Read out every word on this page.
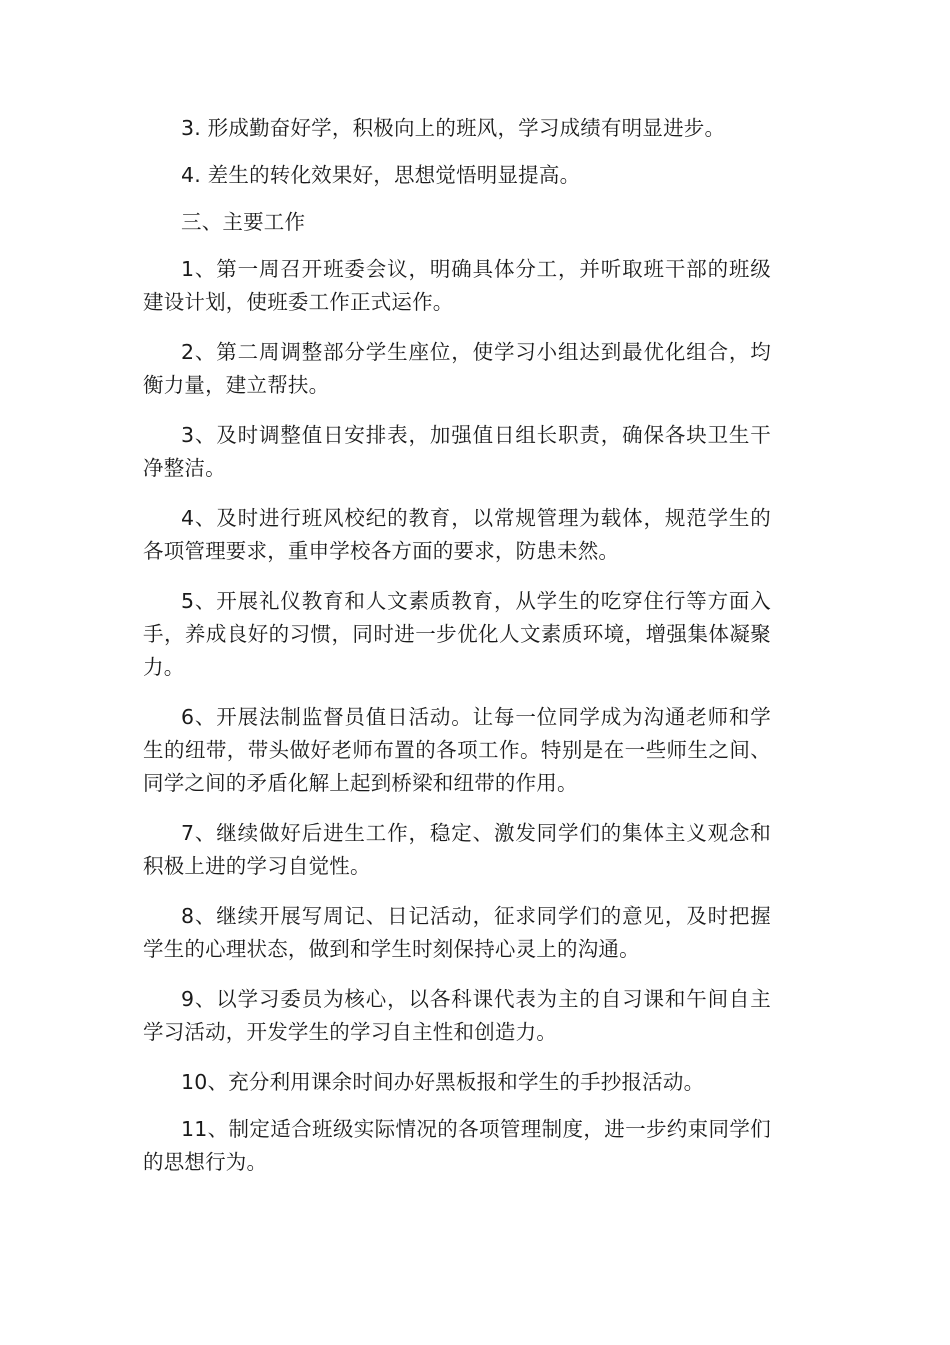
3. 形成勤奋好学，积极向上的班风，学习成绩有明显进步。

4. 差生的转化效果好，思想觉悟明显提高。

三、主要工作

1、第一周召开班委会议，明确具体分工，并听取班干部的班级建设计划，使班委工作正式运作。

2、第二周调整部分学生座位，使学习小组达到最优化组合，均衡力量，建立帮扶。

3、及时调整值日安排表，加强值日组长职责，确保各块卫生干净整洁。

4、及时进行班风校纪的教育，以常规管理为载体，规范学生的各项管理要求，重申学校各方面的要求，防患未然。

5、开展礼仪教育和人文素质教育，从学生的吃穿住行等方面入手，养成良好的习惯，同时进一步优化人文素质环境，增强集体凝聚力。

6、开展法制监督员值日活动。让每一位同学成为沟通老师和学生的纽带，带头做好老师布置的各项工作。特别是在一些师生之间、同学之间的矛盾化解上起到桥梁和纽带的作用。

7、继续做好后进生工作，稳定、激发同学们的集体主义观念和积极上进的学习自觉性。

8、继续开展写周记、日记活动，征求同学们的意见，及时把握学生的心理状态，做到和学生时刻保持心灵上的沟通。

9、以学习委员为核心，以各科课代表为主的自习课和午间自主学习活动，开发学生的学习自主性和创造力。

10、充分利用课余时间办好黑板报和学生的手抄报活动。

11、制定适合班级实际情况的各项管理制度，进一步约束同学们的思想行为。
